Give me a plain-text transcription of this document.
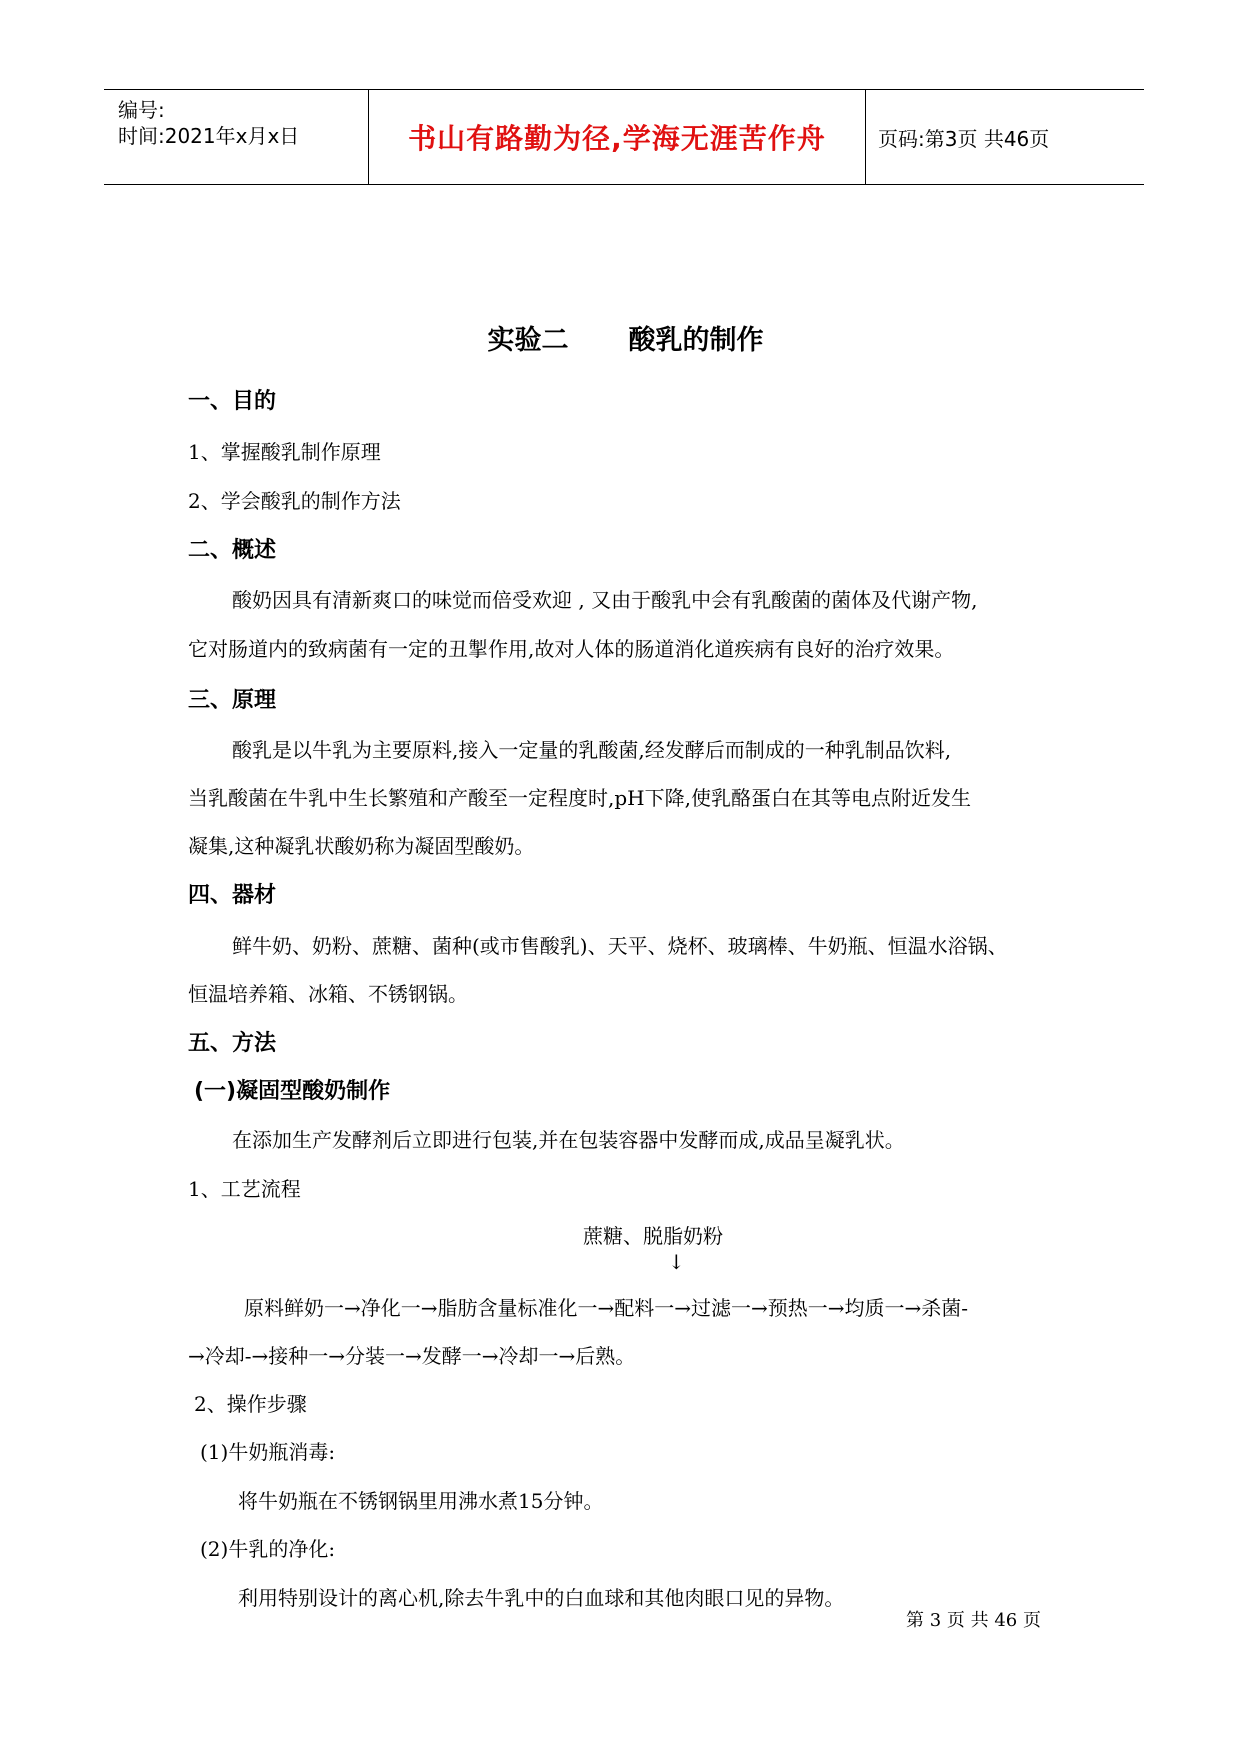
编号:
时间:2021年x月x日	书山有路勤为径,学海无涯苦作舟	页码:第3页 共46页
实验二 酸乳的制作
一、目的
1、掌握酸乳制作原理
2、学会酸乳的制作方法
二、概述
酸奶因具有清新爽口的味觉而倍受欢迎 , 又由于酸乳中会有乳酸菌的菌体及代谢产物,
它对肠道内的致病菌有一定的丑掣作用,故对人体的肠道消化道疾病有良好的治疗效果。
三、原理
酸乳是以牛乳为主要原料,接入一定量的乳酸菌,经发酵后而制成的一种乳制品饮料,
当乳酸菌在牛乳中生长繁殖和产酸至一定程度时,pH下降,使乳酪蛋白在其等电点附近发生
凝集,这种凝乳状酸奶称为凝固型酸奶。
四、器材
鲜牛奶、奶粉、蔗糖、菌种(或市售酸乳)、天平、烧杯、玻璃棒、牛奶瓶、恒温水浴锅、
恒温培养箱、冰箱、不锈钢锅。
五、方法
(一)凝固型酸奶制作
在添加生产发酵剂后立即进行包装,并在包装容器中发酵而成,成品呈凝乳状。
1、工艺流程
蔗糖、脱脂奶粉
↓
原料鲜奶一→净化一→脂肪含量标准化一→配料一→过滤一→预热一→均质一→杀菌-
→冷却-→接种一→分装一→发酵一→冷却一→后熟。
2、操作步骤
(1)牛奶瓶消毒:
将牛奶瓶在不锈钢锅里用沸水煮15分钟。
(2)牛乳的净化:
利用特别设计的离心机,除去牛乳中的白血球和其他肉眼口见的异物。
第 3 页 共 46 页
